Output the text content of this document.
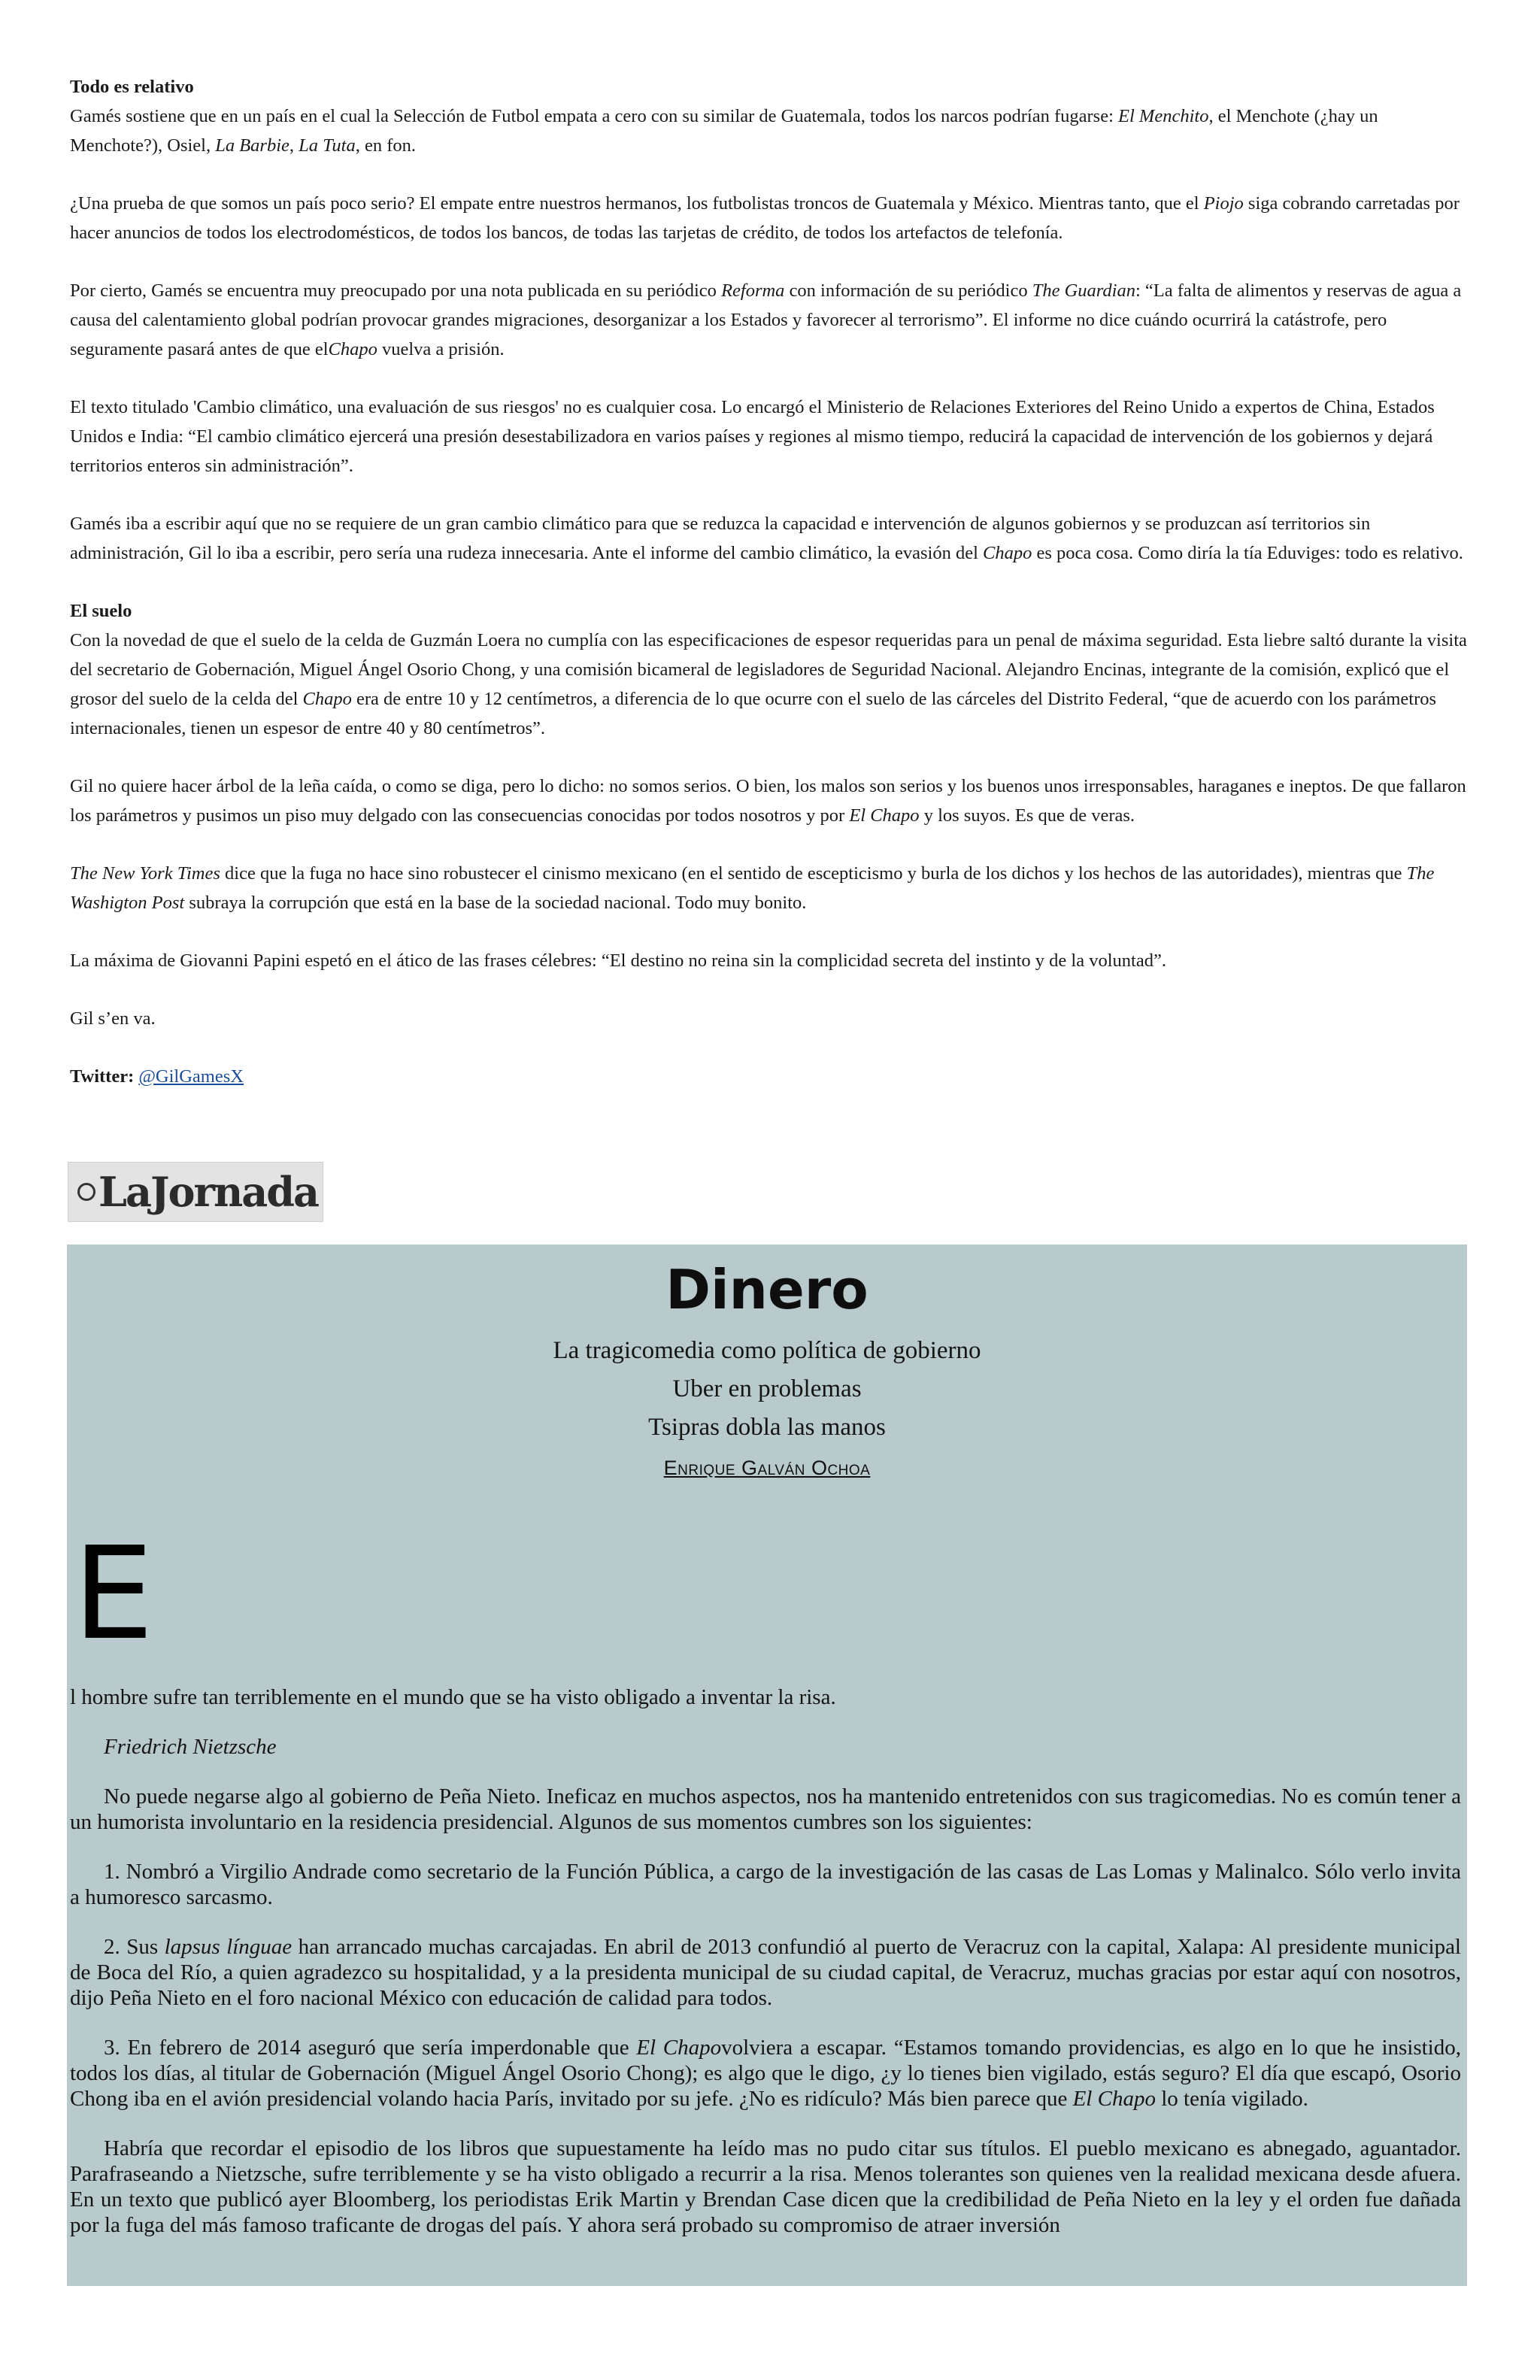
Todo es relativo
Gamés sostiene que en un país en el cual la Selección de Futbol empata a cero con su similar de Guatemala, todos los narcos podrían fugarse: El Menchito, el Menchote (¿hay un Menchote?), Osiel, La Barbie, La Tuta, en fon.

¿Una prueba de que somos un país poco serio? El empate entre nuestros hermanos, los futbolistas troncos de Guatemala y México. Mientras tanto, que el Piojo siga cobrando carretadas por hacer anuncios de todos los electrodomésticos, de todos los bancos, de todas las tarjetas de crédito, de todos los artefactos de telefonía.

Por cierto, Gamés se encuentra muy preocupado por una nota publicada en su periódico Reforma con información de su periódico The Guardian: “La falta de alimentos y reservas de agua a causa del calentamiento global podrían provocar grandes migraciones, desorganizar a los Estados y favorecer al terrorismo”. El informe no dice cuándo ocurrirá la catástrofe, pero seguramente pasará antes de que elChapo vuelva a prisión.

El texto titulado 'Cambio climático, una evaluación de sus riesgos' no es cualquier cosa. Lo encargó el Ministerio de Relaciones Exteriores del Reino Unido a expertos de China, Estados Unidos e India: “El cambio climático ejercerá una presión desestabilizadora en varios países y regiones al mismo tiempo, reducirá la capacidad de intervención de los gobiernos y dejará territorios enteros sin administración”.

Gamés iba a escribir aquí que no se requiere de un gran cambio climático para que se reduzca la capacidad e intervención de algunos gobiernos y se produzcan así territorios sin administración, Gil lo iba a escribir, pero sería una rudeza innecesaria. Ante el informe del cambio climático, la evasión del Chapo es poca cosa. Como diría la tía Eduviges: todo es relativo.

El suelo
Con la novedad de que el suelo de la celda de Guzmán Loera no cumplía con las especificaciones de espesor requeridas para un penal de máxima seguridad. Esta liebre saltó durante la visita del secretario de Gobernación, Miguel Ángel Osorio Chong, y una comisión bicameral de legisladores de Seguridad Nacional. Alejandro Encinas, integrante de la comisión, explicó que el grosor del suelo de la celda del Chapo era de entre 10 y 12 centímetros, a diferencia de lo que ocurre con el suelo de las cárceles del Distrito Federal, “que de acuerdo con los parámetros internacionales, tienen un espesor de entre 40 y 80 centímetros”.

Gil no quiere hacer árbol de la leña caída, o como se diga, pero lo dicho: no somos serios. O bien, los malos son serios y los buenos unos irresponsables, haraganes e ineptos. De que fallaron los parámetros y pusimos un piso muy delgado con las consecuencias conocidas por todos nosotros y por El Chapo y los suyos. Es que de veras.

The New York Times dice que la fuga no hace sino robustecer el cinismo mexicano (en el sentido de escepticismo y burla de los dichos y los hechos de las autoridades), mientras que The Washigton Post subraya la corrupción que está en la base de la sociedad nacional. Todo muy bonito.

La máxima de Giovanni Papini espetó en el ático de las frases célebres: “El destino no reina sin la complicidad secreta del instinto y de la voluntad”.

Gil s’en va.

Twitter: @GilGamesX

LaJornada
Dinero
La tragicomedia como política de gobierno
Uber en problemas
Tsipras dobla las manos
Enrique Galván Ochoa
E

l hombre sufre tan terriblemente en el mundo que se ha visto obligado a inventar la risa.

Friedrich Nietzsche

No puede negarse algo al gobierno de Peña Nieto. Ineficaz en muchos aspectos, nos ha mantenido entretenidos con sus tragicomedias. No es común tener a un humorista involuntario en la residencia presidencial. Algunos de sus momentos cumbres son los siguientes:

1. Nombró a Virgilio Andrade como secretario de la Función Pública, a cargo de la investigación de las casas de Las Lomas y Malinalco. Sólo verlo invita a humoresco sarcasmo.

2. Sus lapsus línguae han arrancado muchas carcajadas. En abril de 2013 confundió al puerto de Veracruz con la capital, Xalapa: Al presidente municipal de Boca del Río, a quien agradezco su hospitalidad, y a la presidenta municipal de su ciudad capital, de Veracruz, muchas gracias por estar aquí con nosotros, dijo Peña Nieto en el foro nacional México con educación de calidad para todos.

3. En febrero de 2014 aseguró que sería imperdonable que El Chapovolviera a escapar. “Estamos tomando providencias, es algo en lo que he insistido, todos los días, al titular de Gobernación (Miguel Ángel Osorio Chong); es algo que le digo, ¿y lo tienes bien vigilado, estás seguro? El día que escapó, Osorio Chong iba en el avión presidencial volando hacia París, invitado por su jefe. ¿No es ridículo? Más bien parece que El Chapo lo tenía vigilado.

Habría que recordar el episodio de los libros que supuestamente ha leído mas no pudo citar sus títulos. El pueblo mexicano es abnegado, aguantador. Parafraseando a Nietzsche, sufre terriblemente y se ha visto obligado a recurrir a la risa. Menos tolerantes son quienes ven la realidad mexicana desde afuera. En un texto que publicó ayer Bloomberg, los periodistas Erik Martin y Brendan Case dicen que la credibilidad de Peña Nieto en la ley y el orden fue dañada por la fuga del más famoso traficante de drogas del país. Y ahora será probado su compromiso de atraer inversión
